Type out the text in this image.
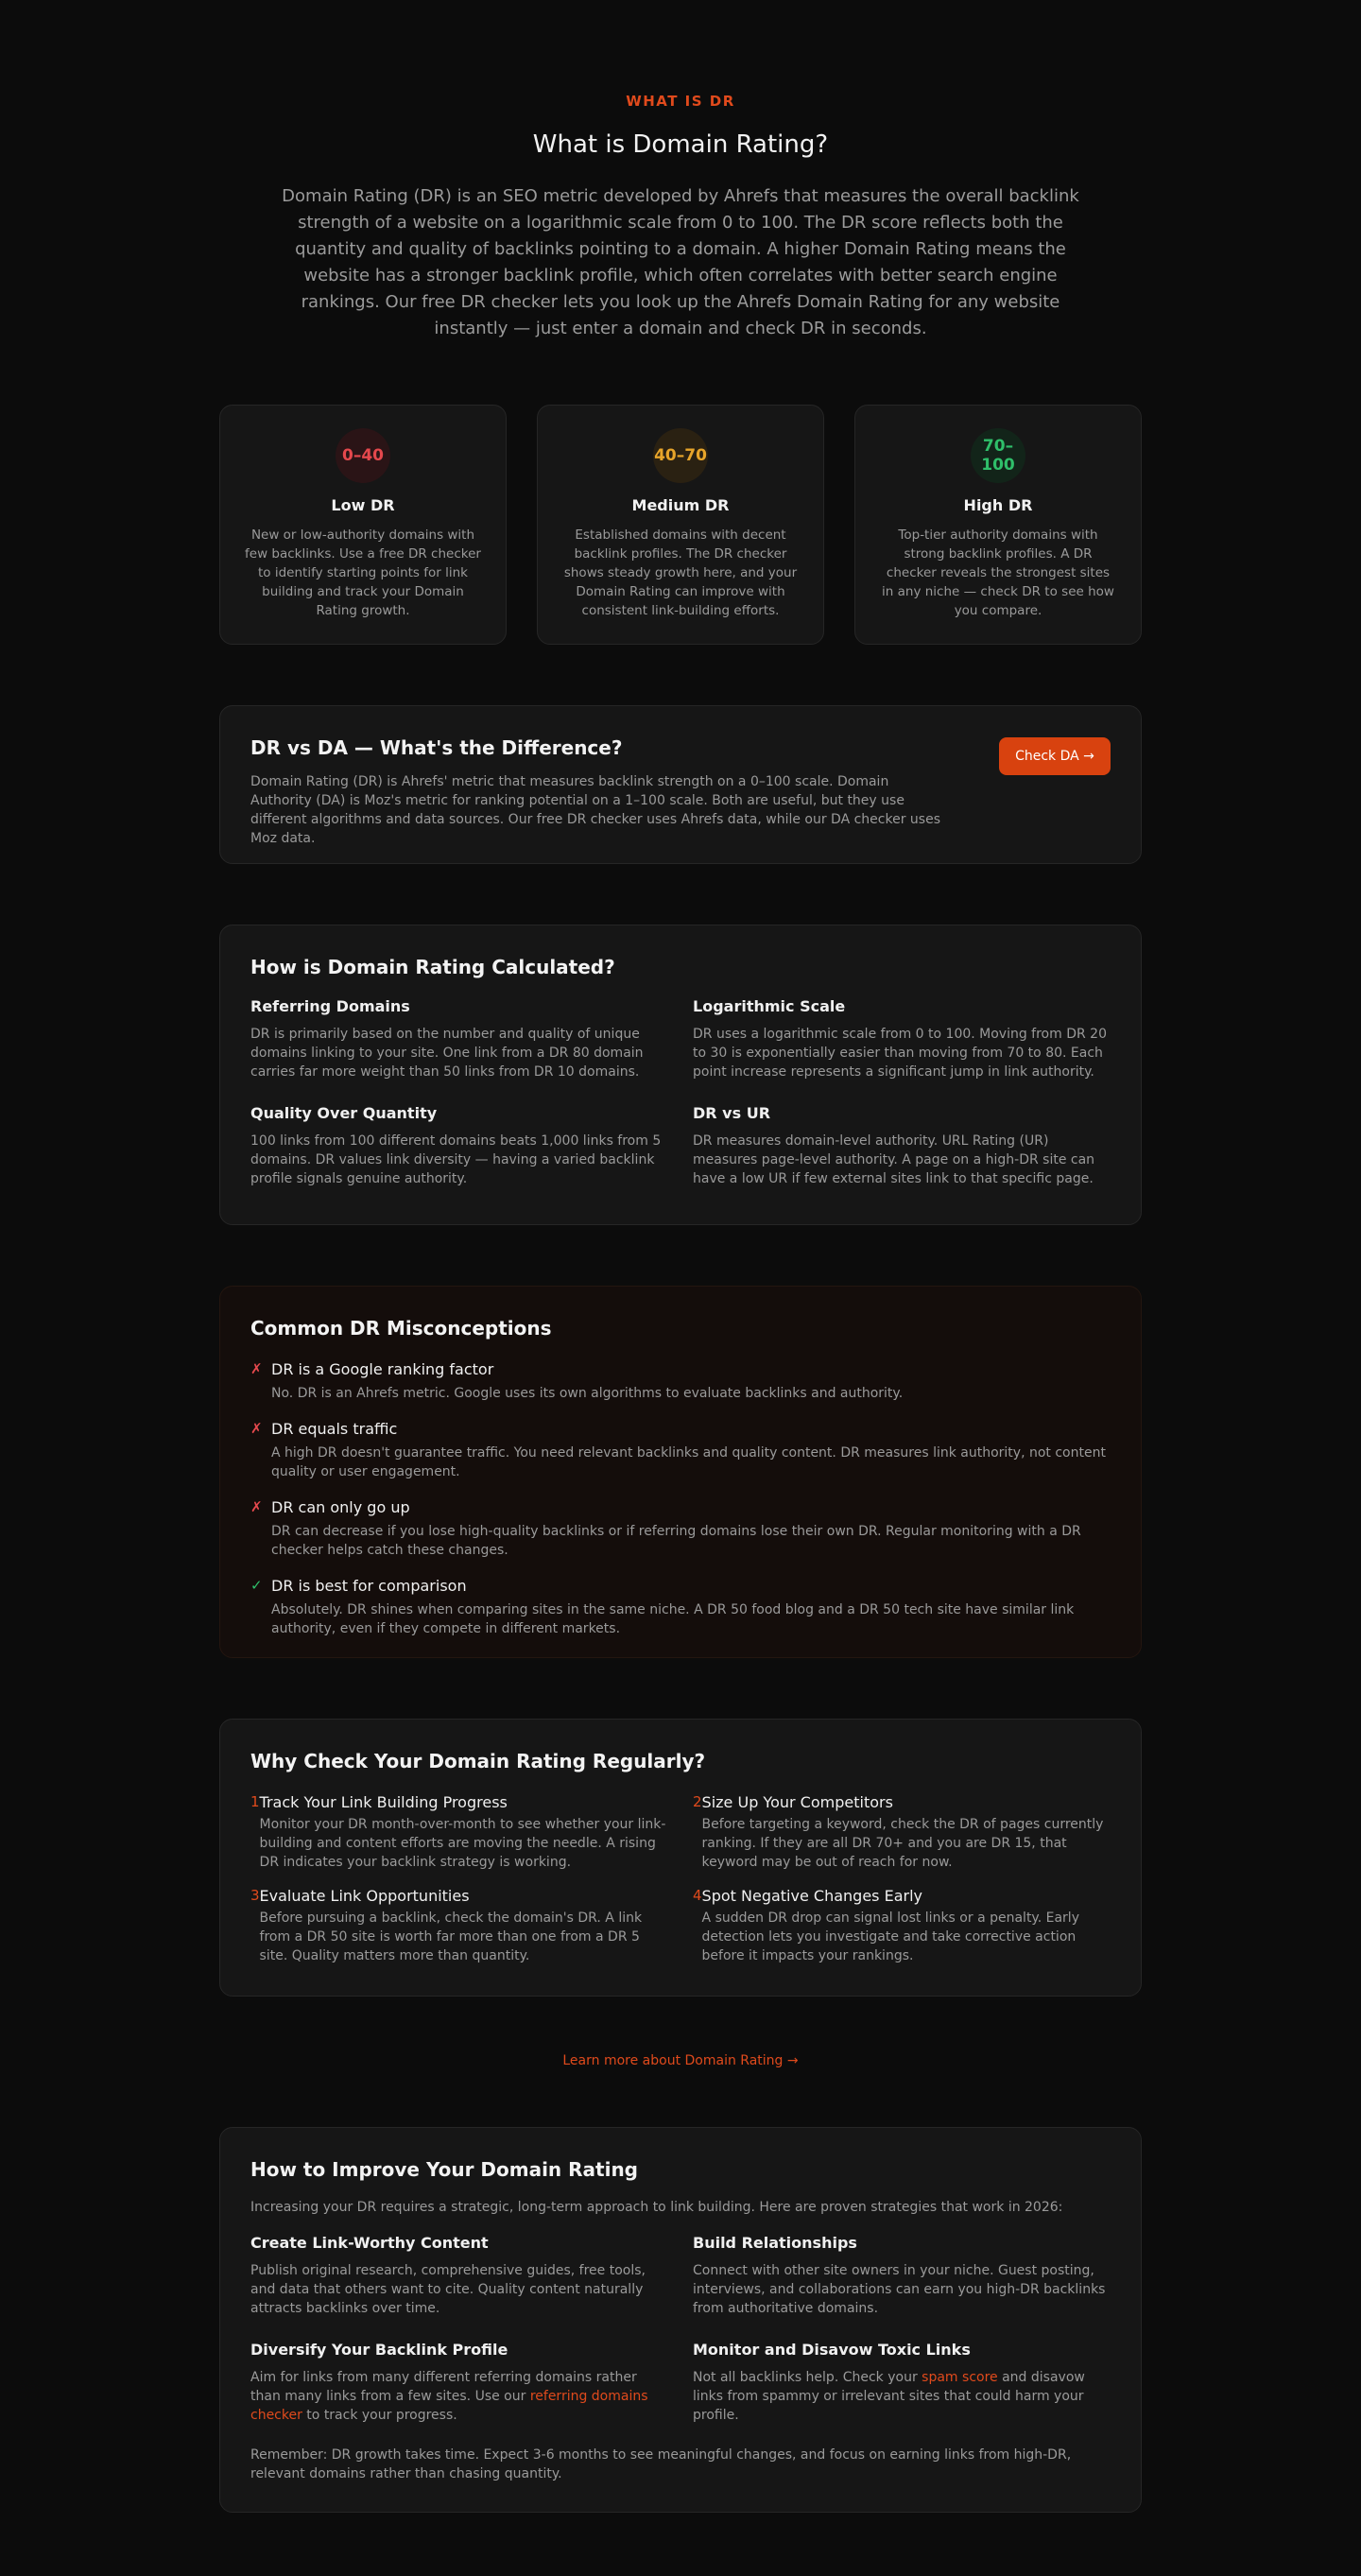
WHAT IS DR
What is Domain Rating?

Domain Rating (DR) is an SEO metric developed by Ahrefs that measures the overall backlink strength of a website on a logarithmic scale from 0 to 100. The DR score reflects both the quantity and quality of backlinks pointing to a domain. A higher Domain Rating means the website has a stronger backlink profile, which often correlates with better search engine rankings. Our free DR checker lets you look up the Ahrefs Domain Rating for any website instantly — just enter a domain and check DR in seconds.

0–40
Low DR

New or low-authority domains with few backlinks. Use a free DR checker to identify starting points for link building and track your Domain Rating growth.

40–70
Medium DR

Established domains with decent backlink profiles. The DR checker shows steady growth here, and your Domain Rating can improve with consistent link-building efforts.

70–100
High DR

Top-tier authority domains with strong backlink profiles. A DR checker reveals the strongest sites in any niche — check DR to see how you compare.

DR vs DA — What's the Difference?

Domain Rating (DR) is Ahrefs' metric that measures backlink strength on a 0–100 scale. Domain Authority (DA) is Moz's metric for ranking potential on a 1–100 scale. Both are useful, but they use different algorithms and data sources. Our free DR checker uses Ahrefs data, while our DA checker uses Moz data.

Check DA →
How is Domain Rating Calculated?
Referring Domains

DR is primarily based on the number and quality of unique domains linking to your site. One link from a DR 80 domain carries far more weight than 50 links from DR 10 domains.

Logarithmic Scale

DR uses a logarithmic scale from 0 to 100. Moving from DR 20 to 30 is exponentially easier than moving from 70 to 80. Each point increase represents a significant jump in link authority.

Quality Over Quantity

100 links from 100 different domains beats 1,000 links from 5 domains. DR values link diversity — having a varied backlink profile signals genuine authority.

DR vs UR

DR measures domain-level authority. URL Rating (UR) measures page-level authority. A page on a high-DR site can have a low UR if few external sites link to that specific page.

Common DR Misconceptions
✗ DR is a Google ranking factor

No. DR is an Ahrefs metric. Google uses its own algorithms to evaluate backlinks and authority.

✗ DR equals traffic

A high DR doesn't guarantee traffic. You need relevant backlinks and quality content. DR measures link authority, not content quality or user engagement.

✗ DR can only go up

DR can decrease if you lose high-quality backlinks or if referring domains lose their own DR. Regular monitoring with a DR checker helps catch these changes.

✓ DR is best for comparison

Absolutely. DR shines when comparing sites in the same niche. A DR 50 food blog and a DR 50 tech site have similar link authority, even if they compete in different markets.

Why Check Your Domain Rating Regularly?
1 Track Your Link Building Progress

Monitor your DR month-over-month to see whether your link-building and content efforts are moving the needle. A rising DR indicates your backlink strategy is working.

2 Size Up Your Competitors

Before targeting a keyword, check the DR of pages currently ranking. If they are all DR 70+ and you are DR 15, that keyword may be out of reach for now.

3 Evaluate Link Opportunities

Before pursuing a backlink, check the domain's DR. A link from a DR 50 site is worth far more than one from a DR 5 site. Quality matters more than quantity.

4 Spot Negative Changes Early

A sudden DR drop can signal lost links or a penalty. Early detection lets you investigate and take corrective action before it impacts your rankings.

Learn more about Domain Rating →
How to Improve Your Domain Rating

Increasing your DR requires a strategic, long-term approach to link building. Here are proven strategies that work in 2026:

Create Link-Worthy Content

Publish original research, comprehensive guides, free tools, and data that others want to cite. Quality content naturally attracts backlinks over time.

Build Relationships

Connect with other site owners in your niche. Guest posting, interviews, and collaborations can earn you high-DR backlinks from authoritative domains.

Diversify Your Backlink Profile

Aim for links from many different referring domains rather than many links from a few sites. Use our referring domains checker to track your progress.

Monitor and Disavow Toxic Links

Not all backlinks help. Check your spam score and disavow links from spammy or irrelevant sites that could harm your profile.

Remember: DR growth takes time. Expect 3-6 months to see meaningful changes, and focus on earning links from high-DR, relevant domains rather than chasing quantity.
